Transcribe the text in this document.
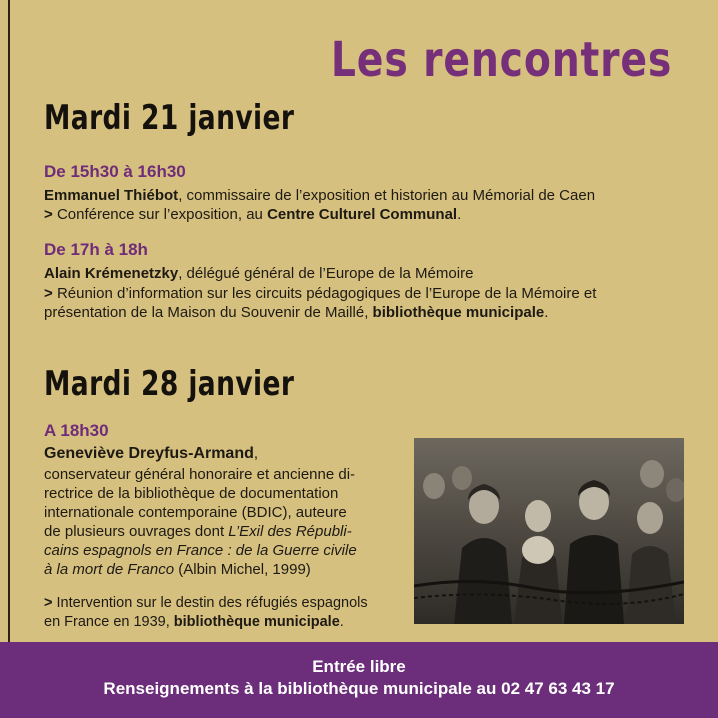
Les rencontres
Mardi 21 janvier
De 15h30 à 16h30
Emmanuel Thiébot, commissaire de l’exposition et historien au Mémorial de Caen
> Conférence sur l’exposition, au Centre Culturel Communal.
De 17h à 18h
Alain Krémenetzky, délégué général de l’Europe de la Mémoire
> Réunion d’information sur les circuits pédagogiques de l’Europe de la Mémoire et
présentation de la Maison du Souvenir de Maillé, bibliothèque municipale.
Mardi 28 janvier
A 18h30
Geneviève Dreyfus-Armand,
conservateur général honoraire et ancienne di-
rectrice de la bibliothèque de documentation
internationale contemporaine (BDIC), auteure
de plusieurs ouvrages dont L’Exil des Républi-
cains espagnols en France : de la Guerre civile
à la mort de Franco (Albin Michel, 1999)
> Intervention sur le destin des réfugiés espagnols
en France en 1939, bibliothèque municipale.
Entrée libre
Renseignements à la bibliothèque municipale au 02 47 63 43 17
